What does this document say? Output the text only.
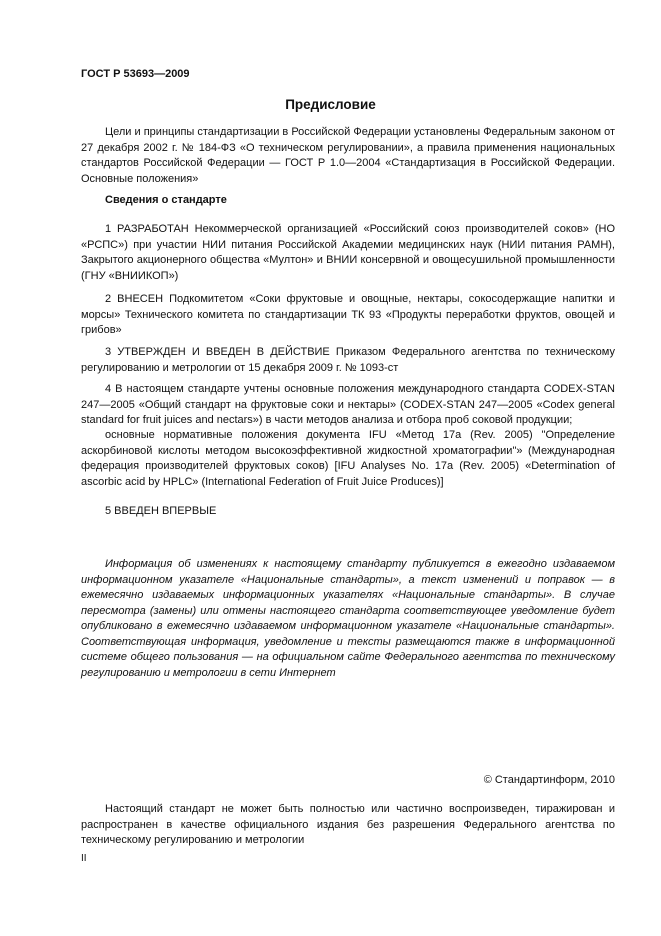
ГОСТ Р 53693—2009
Предисловие

Цели и принципы стандартизации в Российской Федерации установлены Федеральным законом от 27 декабря 2002 г. № 184-ФЗ «О техническом регулировании», а правила применения национальных стандартов Российской Федерации — ГОСТ Р 1.0—2004 «Стандартизация в Российской Федерации. Основные положения»

Сведения о стандарте

1 РАЗРАБОТАН Некоммерческой организацией «Российский союз производителей соков» (НО «РСПС») при участии НИИ питания Российской Академии медицинских наук (НИИ питания РАМН), Закрытого акционерного общества «Мултон» и ВНИИ консервной и овощесушильной промышленности (ГНУ «ВНИИКОП»)

2 ВНЕСЕН Подкомитетом «Соки фруктовые и овощные, нектары, сокосодержащие напитки и морсы» Технического комитета по стандартизации ТК 93 «Продукты переработки фруктов, овощей и грибов»

3 УТВЕРЖДЕН И ВВЕДЕН В ДЕЙСТВИЕ Приказом Федерального агентства по техническому регулированию и метрологии от 15 декабря 2009 г. № 1093-ст

4 В настоящем стандарте учтены основные положения международного стандарта CODEX-STAN 247—2005 «Общий стандарт на фруктовые соки и нектары» (CODEX-STAN 247—2005 «Codex general standard for fruit juices and nectars») в части методов анализа и отбора проб соковой продукции;

основные нормативные положения документа IFU «Метод 17a (Rev. 2005) "Определение аскорбиновой кислоты методом высокоэффективной жидкостной хроматографии"» (Международная федерация производителей фруктовых соков) [IFU Analyses No. 17a (Rev. 2005) «Determination of ascorbic acid by HPLC» (International Federation of Fruit Juice Produces)]

5 ВВЕДЕН ВПЕРВЫЕ

Информация об изменениях к настоящему стандарту публикуется в ежегодно издаваемом информационном указателе «Национальные стандарты», а текст изменений и поправок — в ежемесячно издаваемых информационных указателях «Национальные стандарты». В случае пересмотра (замены) или отмены настоящего стандарта соответствующее уведомление будет опубликовано в ежемесячно издаваемом информационном указателе «Национальные стандарты». Соответствующая информация, уведомление и тексты размещаются также в информационной системе общего пользования — на официальном сайте Федерального агентства по техническому регулированию и метрологии в сети Интернет

© Стандартинформ, 2010

Настоящий стандарт не может быть полностью или частично воспроизведен, тиражирован и распространен в качестве официального издания без разрешения Федерального агентства по техническому регулированию и метрологии

II
